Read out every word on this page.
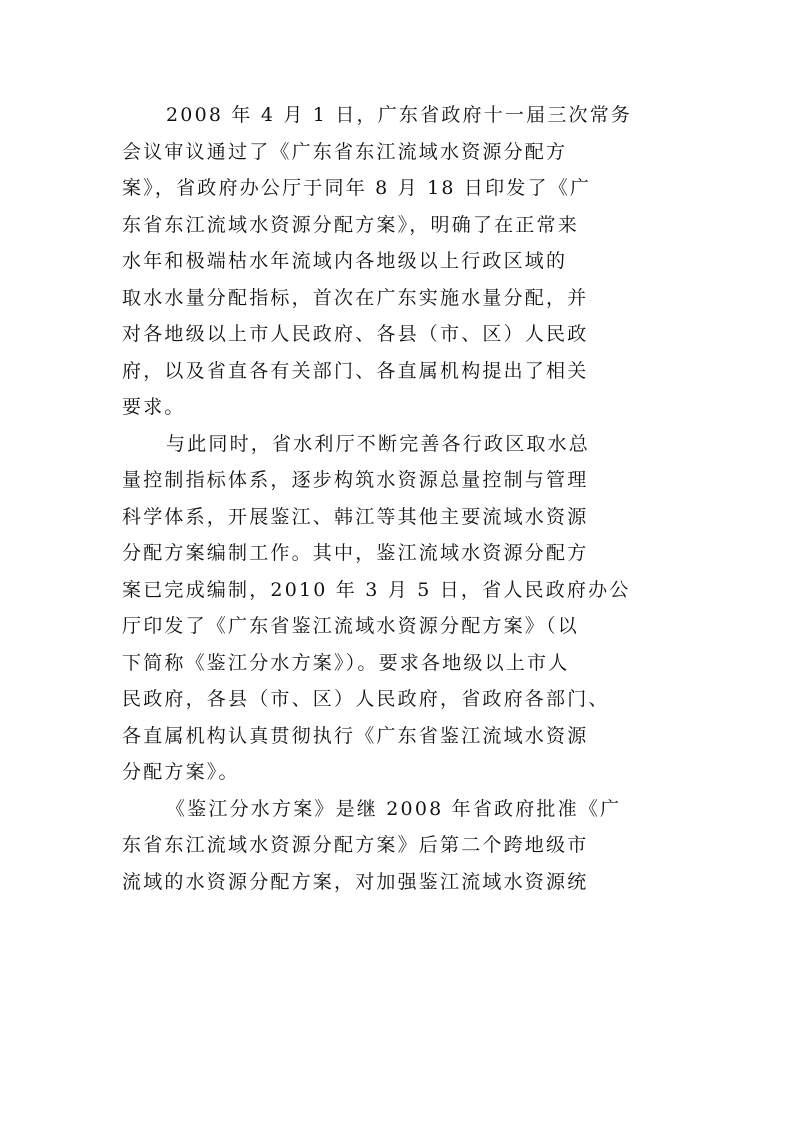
2008 年 4 月 1 日，广东省政府十一届三次常务
会议审议通过了《广东省东江流域水资源分配方
案》，省政府办公厅于同年 8 月 18 日印发了《广
东省东江流域水资源分配方案》，明确了在正常来
水年和极端枯水年流域内各地级以上行政区域的
取水水量分配指标，首次在广东实施水量分配，并
对各地级以上市人民政府、各县（市、区）人民政
府，以及省直各有关部门、各直属机构提出了相关
要求。
与此同时，省水利厅不断完善各行政区取水总
量控制指标体系，逐步构筑水资源总量控制与管理
科学体系，开展鉴江、韩江等其他主要流域水资源
分配方案编制工作。其中，鉴江流域水资源分配方
案已完成编制，2010 年 3 月 5 日，省人民政府办公
厅印发了《广东省鉴江流域水资源分配方案》（以
下简称《鉴江分水方案》）。要求各地级以上市人
民政府，各县（市、区）人民政府，省政府各部门、
各直属机构认真贯彻执行《广东省鉴江流域水资源
分配方案》。
《鉴江分水方案》是继 2008 年省政府批准《广
东省东江流域水资源分配方案》后第二个跨地级市
流域的水资源分配方案，对加强鉴江流域水资源统
